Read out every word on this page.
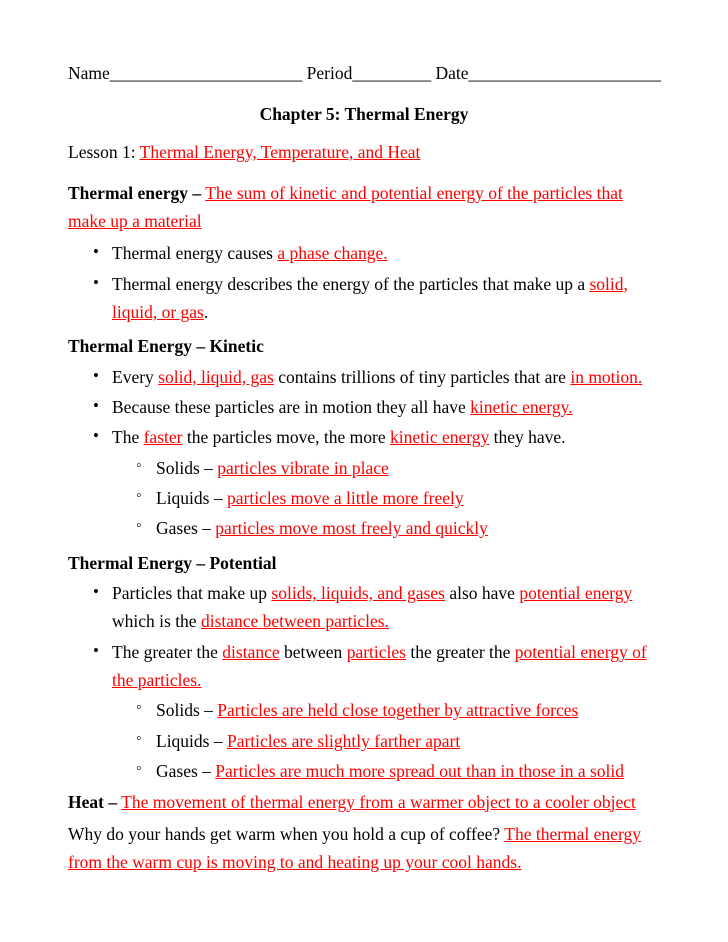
Name______________________ Period_________ Date______________________
Chapter 5: Thermal Energy
Lesson 1: Thermal Energy, Temperature, and Heat
Thermal energy – The sum of kinetic and potential energy of the particles that make up a material
• Thermal energy causes a phase change.
• Thermal energy describes the energy of the particles that make up a solid, liquid, or gas.
Thermal Energy – Kinetic
• Every solid, liquid, gas contains trillions of tiny particles that are in motion.
• Because these particles are in motion they all have kinetic energy.
• The faster the particles move, the more kinetic energy they have.
◦ Solids – particles vibrate in place
◦ Liquids – particles move a little more freely
◦ Gases – particles move most freely and quickly
Thermal Energy – Potential
• Particles that make up solids, liquids, and gases also have potential energy which is the distance between particles.
• The greater the distance between particles the greater the potential energy of the particles.
◦ Solids – Particles are held close together by attractive forces
◦ Liquids – Particles are slightly farther apart
◦ Gases – Particles are much more spread out than in those in a solid
Heat – The movement of thermal energy from a warmer object to a cooler object
Why do your hands get warm when you hold a cup of coffee? The thermal energy from the warm cup is moving to and heating up your cool hands.
